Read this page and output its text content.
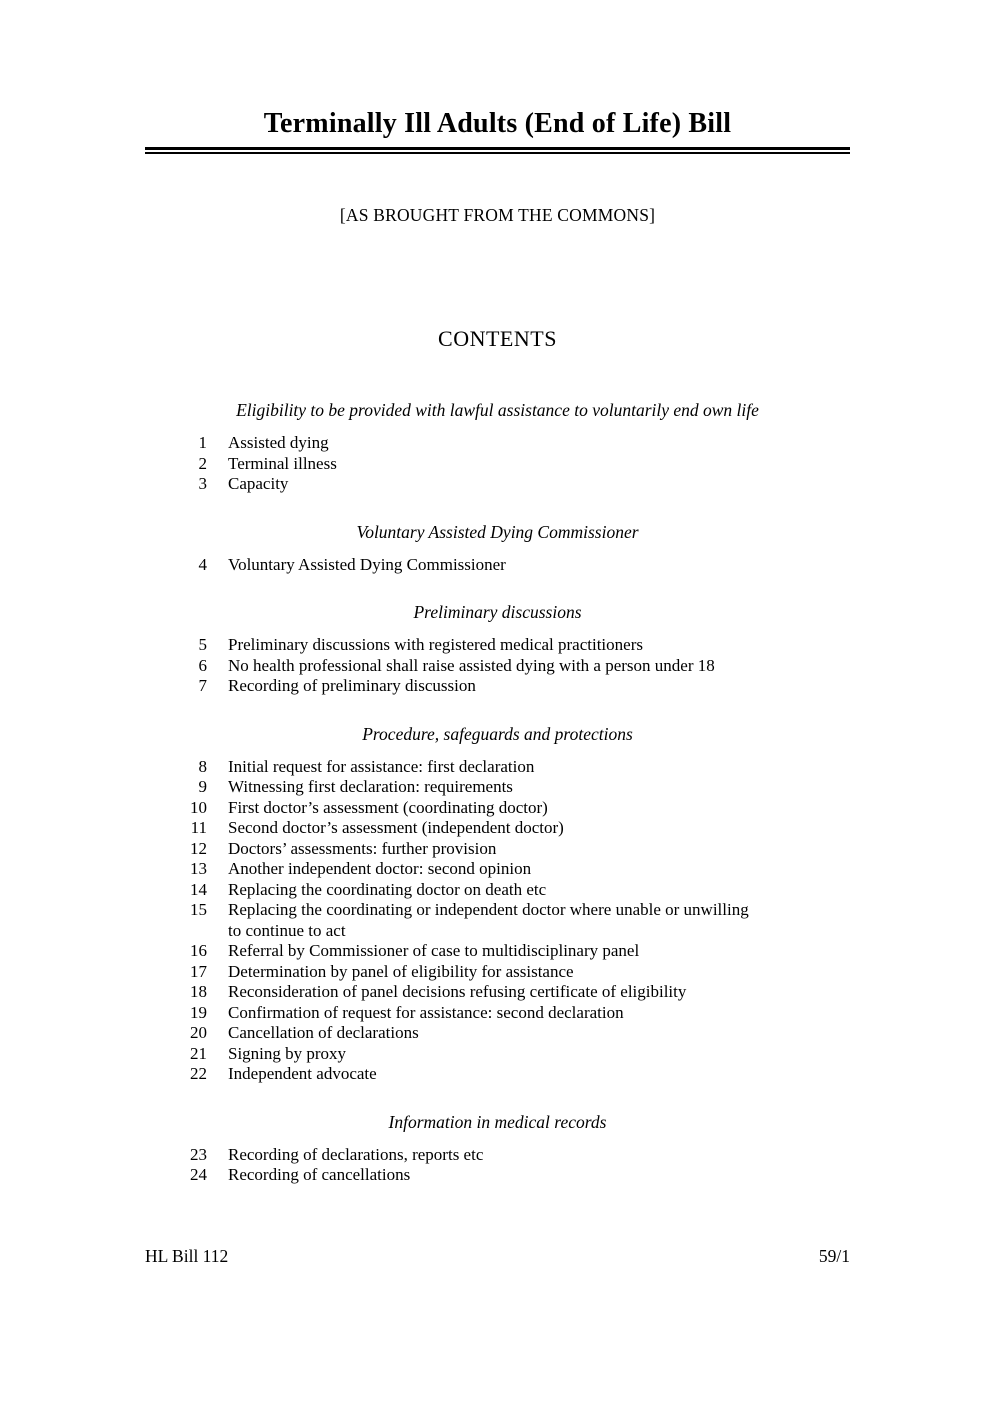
Terminally Ill Adults (End of Life) Bill
[AS BROUGHT FROM THE COMMONS]
CONTENTS
Eligibility to be provided with lawful assistance to voluntarily end own life
1 Assisted dying
2 Terminal illness
3 Capacity
Voluntary Assisted Dying Commissioner
4 Voluntary Assisted Dying Commissioner
Preliminary discussions
5 Preliminary discussions with registered medical practitioners
6 No health professional shall raise assisted dying with a person under 18
7 Recording of preliminary discussion
Procedure, safeguards and protections
8 Initial request for assistance: first declaration
9 Witnessing first declaration: requirements
10 First doctor’s assessment (coordinating doctor)
11 Second doctor’s assessment (independent doctor)
12 Doctors’ assessments: further provision
13 Another independent doctor: second opinion
14 Replacing the coordinating doctor on death etc
15 Replacing the coordinating or independent doctor where unable or unwilling
to continue to act
16 Referral by Commissioner of case to multidisciplinary panel
17 Determination by panel of eligibility for assistance
18 Reconsideration of panel decisions refusing certificate of eligibility
19 Confirmation of request for assistance: second declaration
20 Cancellation of declarations
21 Signing by proxy
22 Independent advocate
Information in medical records
23 Recording of declarations, reports etc
24 Recording of cancellations
HL Bill 112	59/1
